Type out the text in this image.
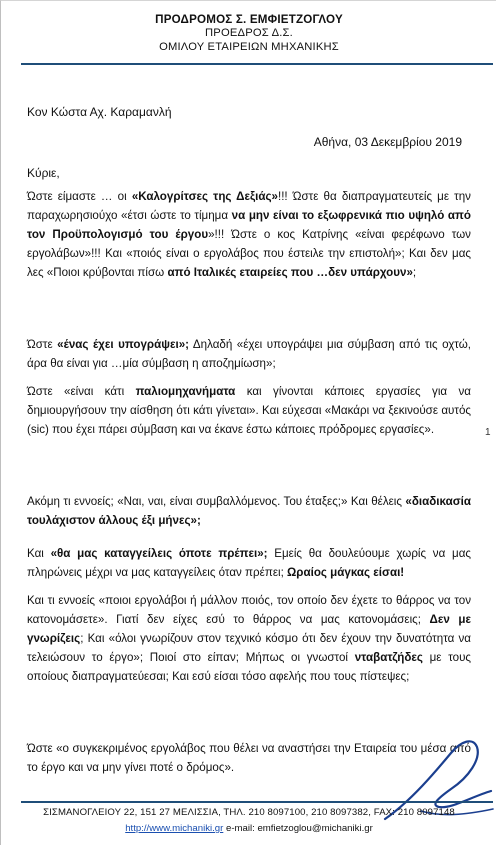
ΠΡΟΔΡΟΜΟΣ Σ. ΕΜΦΙΕΤΖΟΓΛΟΥ
ΠΡΟΕΔΡΟΣ Δ.Σ.
ΟΜΙΛΟΥ ΕΤΑΙΡΕΙΩΝ ΜΗΧΑΝΙΚΗΣ
Κον Κώστα Αχ. Καραμανλή
Αθήνα, 03 Δεκεμβρίου 2019
Κύριε,

Ώστε είμαστε … οι «Καλογρίτσες της Δεξιάς»!!! Ώστε θα διαπραγματευτείς με την παραχωρησιούχο «έτσι ώστε το τίμημα να μην είναι το εξωφρενικά πιο υψηλό από τον Προϋπολογισμό του έργου»!!! Ώστε ο κος Κατρίνης «είναι φερέφωνο των εργολάβων»!!! Και «ποιός είναι ο εργολάβος που έστειλε την επιστολή»; Και δεν μας λες «Ποιοι κρύβονται πίσω από Ιταλικές εταιρείες που …δεν υπάρχουν»;

Ώστε «ένας έχει υπογράψει»; Δηλαδή «έχει υπογράψει μια σύμβαση από τις οχτώ, άρα θα είναι για …μία σύμβαση η αποζημίωση»;

Ώστε «είναι κάτι παλιομηχανήματα και γίνονται κάποιες εργασίες για να δημιουργήσουν την αίσθηση ότι κάτι γίνεται». Και εύχεσαι «Μακάρι να ξεκινούσε αυτός (sic) που έχει πάρει σύμβαση και να έκανε έστω κάποιες πρόδρομες εργασίες».

Ακόμη τι εννοείς; «Ναι, ναι, είναι συμβαλλόμενος. Του έταξες;» Και θέλεις «διαδικασία τουλάχιστον άλλους έξι μήνες»;

Και «θα μας καταγγείλεις όποτε πρέπει»; Εμείς θα δουλεύουμε χωρίς να μας πληρώνεις μέχρι να μας καταγγείλεις όταν πρέπει; Ωραίος μάγκας είσαι!

Και τι εννοείς «ποιοι εργολάβοι ή μάλλον ποιός, τον οποίο δεν έχετε το θάρρος να τον κατονομάσετε». Γιατί δεν είχες εσύ το θάρρος να μας κατονομάσεις; Δεν με γνωρίζεις; Και «όλοι γνωρίζουν στον τεχνικό κόσμο ότι δεν έχουν την δυνατότητα να τελειώσουν το έργο»; Ποιοί στο είπαν; Μήπως οι γνωστοί νταβατζήδες με τους οποίους διαπραγματεύεσαι; Και εσύ είσαι τόσο αφελής που τους πίστεψες;

Ώστε «ο συγκεκριμένος εργολάβος που θέλει να αναστήσει την Εταιρεία του μέσα από το έργο και να μην γίνει ποτέ ο δρόμος».

1
ΣΙΣΜΑΝΟΓΛΕΙΟΥ 22, 151 27 ΜΕΛΙΣΣΙΑ, ΤΗΛ. 210 8097100, 210 8097382, FAX: 210 8097148
http://www.michaniki.gr e-mail: emfietzoglou@michaniki.gr
